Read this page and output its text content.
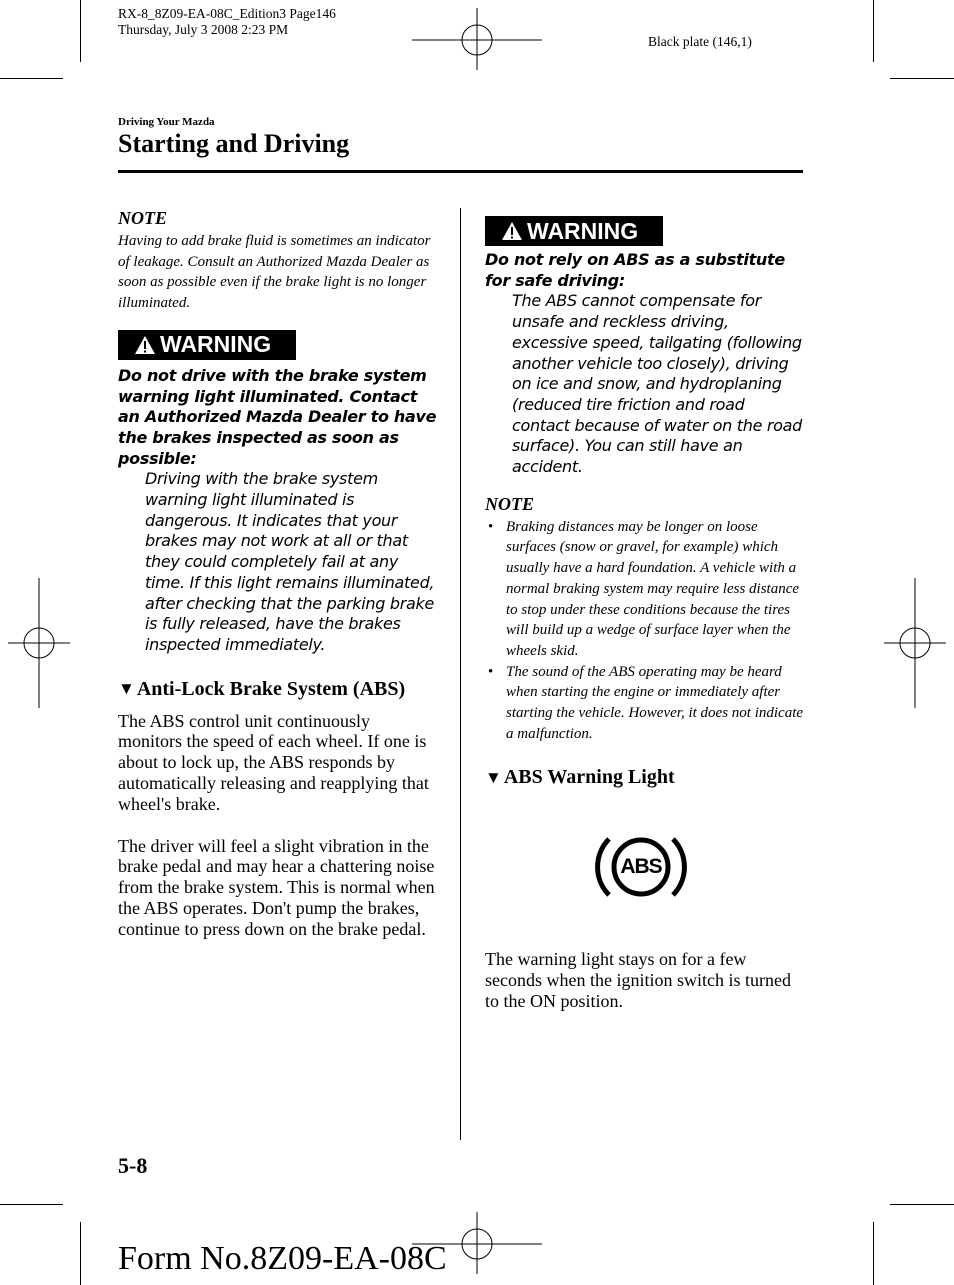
RX-8_8Z09-EA-08C_Edition3 Page146
Thursday, July 3 2008 2:23 PM
Black plate (146,1)
Driving Your Mazda
Starting and Driving

NOTE

Having to add brake fluid is sometimes an indicator of leakage. Consult an Authorized Mazda Dealer as soon as possible even if the brake light is no longer illuminated.

WARNING

Do not drive with the brake system warning light illuminated. Contact an Authorized Mazda Dealer to have the brakes inspected as soon as possible:

Driving with the brake system warning light illuminated is dangerous. It indicates that your brakes may not work at all or that they could completely fail at any time. If this light remains illuminated, after checking that the parking brake is fully released, have the brakes inspected immediately.

▼ Anti-Lock Brake System (ABS)

The ABS control unit continuously monitors the speed of each wheel. If one is about to lock up, the ABS responds by automatically releasing and reapplying that wheel's brake.

The driver will feel a slight vibration in the brake pedal and may hear a chattering noise from the brake system. This is normal when the ABS operates. Don't pump the brakes, continue to press down on the brake pedal.

WARNING

Do not rely on ABS as a substitute for safe driving:

The ABS cannot compensate for unsafe and reckless driving, excessive speed, tailgating (following another vehicle too closely), driving on ice and snow, and hydroplaning (reduced tire friction and road contact because of water on the road surface). You can still have an accident.

NOTE

• Braking distances may be longer on loose surfaces (snow or gravel, for example) which usually have a hard foundation. A vehicle with a normal braking system may require less distance to stop under these conditions because the tires will build up a wedge of surface layer when the wheels skid.
• The sound of the ABS operating may be heard when starting the engine or immediately after starting the vehicle. However, it does not indicate a malfunction.

▼ ABS Warning Light

ABS

The warning light stays on for a few seconds when the ignition switch is turned to the ON position.

5-8
Form No.8Z09-EA-08C
